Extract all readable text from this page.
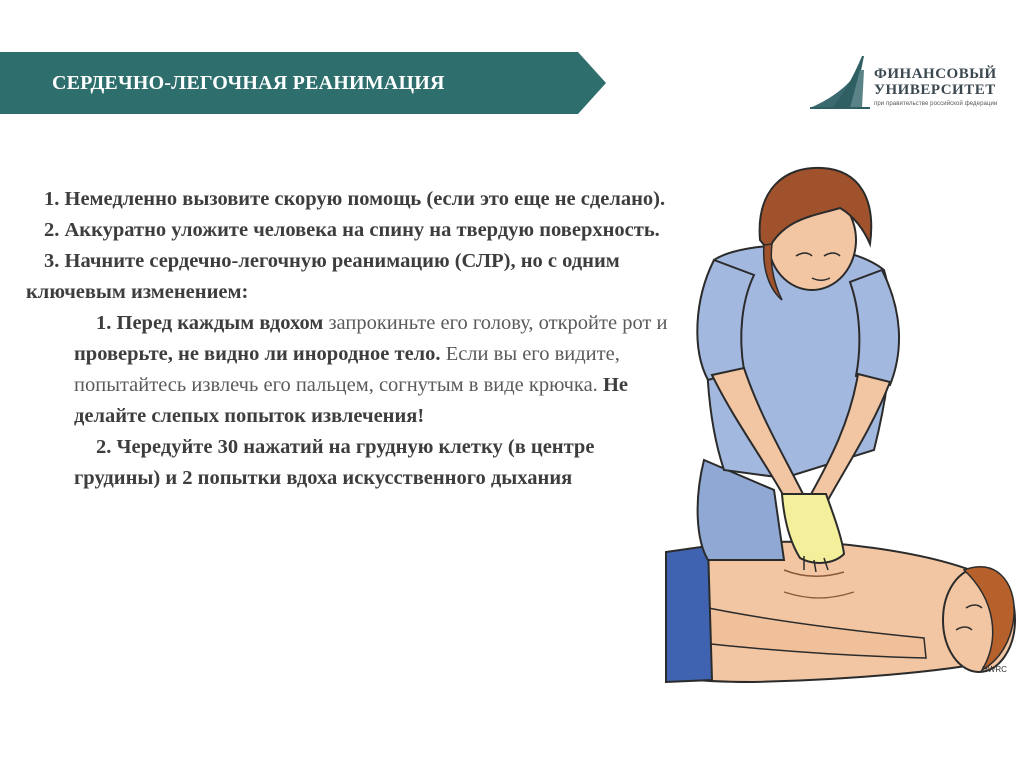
СЕРДЕЧНО-ЛЕГОЧНАЯ РЕАНИМАЦИЯ	ФИНАНСОВЫЙ
УНИВЕРСИТЕТ
при правительстве российской федерации

1. Немедленно вызовите скорую помощь (если это еще не сделано).

2. Аккуратно уложите человека на спину на твердую поверхность.

3. Начните сердечно-легочную реанимацию (СЛР), но с одним ключевым изменением:

1. Перед каждым вдохом запрокиньте его голову, откройте рот и проверьте, не видно ли инородное тело. Если вы его видите, попытайтесь извлечь его пальцем, согнутым в виде крючка. Не делайте слепых попыток извлечения!

2. Чередуйте 30 нажатий на грудную клетку (в центре грудины) и 2 попытки вдоха искусственного дыхания

HWRC
